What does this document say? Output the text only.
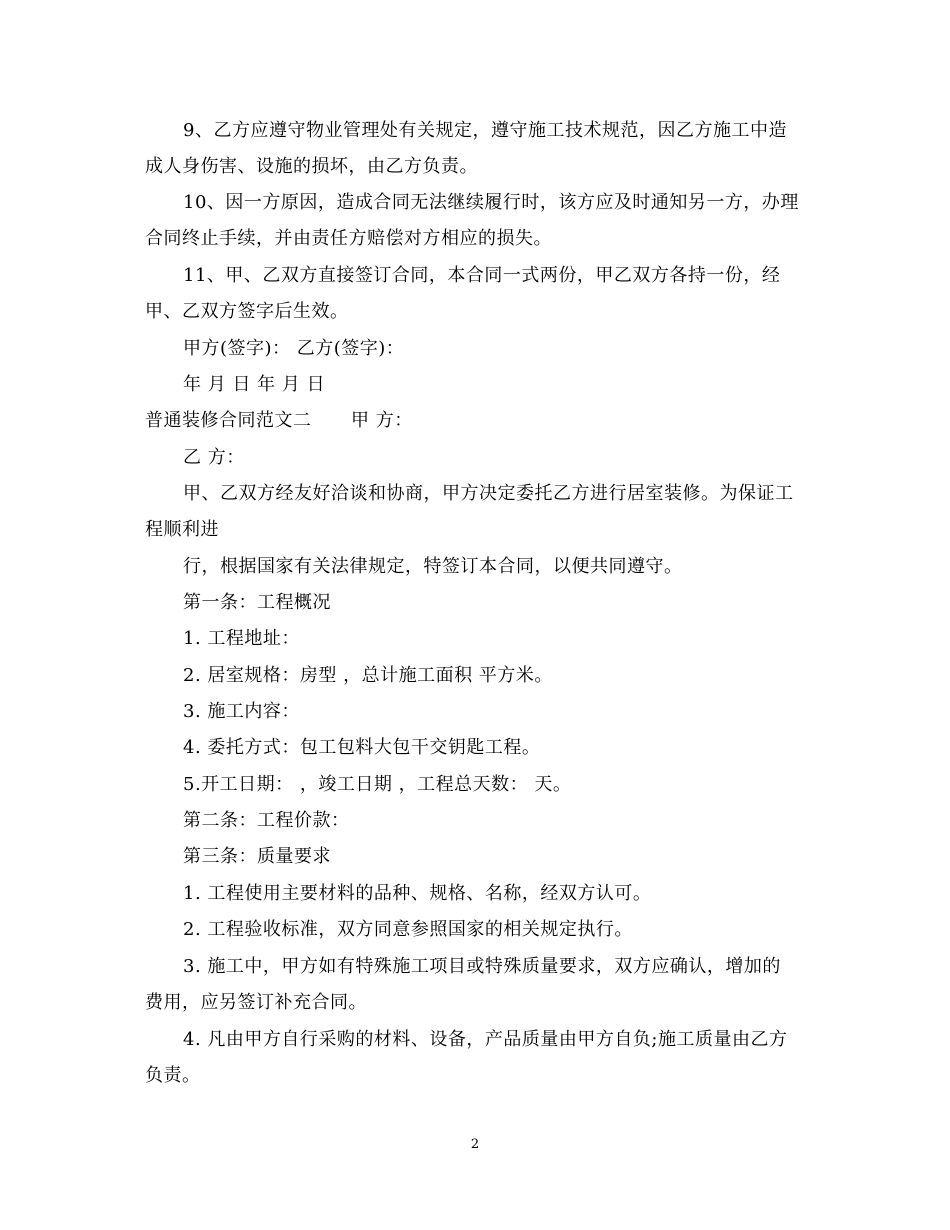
9、乙方应遵守物业管理处有关规定，遵守施工技术规范，因乙方施工中造
成人身伤害、设施的损坏，由乙方负责。
10、因一方原因，造成合同无法继续履行时，该方应及时通知另一方，办理
合同终止手续，并由责任方赔偿对方相应的损失。
11、甲、乙双方直接签订合同，本合同一式两份，甲乙双方各持一份，经
甲、乙双方签字后生效。
甲方(签字)： 乙方(签字)：
年 月 日 年 月 日
普通装修合同范文二 甲 方：
乙 方：
甲、乙双方经友好洽谈和协商，甲方决定委托乙方进行居室装修。为保证工
程顺利进
行，根据国家有关法律规定，特签订本合同，以便共同遵守。
第一条：工程概况
1. 工程地址：
2. 居室规格：房型 ，总计施工面积 平方米。
3. 施工内容：
4. 委托方式：包工包料大包干交钥匙工程。
5.开工日期： ，竣工日期 ，工程总天数： 天。
第二条：工程价款：
第三条：质量要求
1. 工程使用主要材料的品种、规格、名称，经双方认可。
2. 工程验收标准，双方同意参照国家的相关规定执行。
3. 施工中，甲方如有特殊施工项目或特殊质量要求，双方应确认，增加的
费用，应另签订补充合同。
4. 凡由甲方自行采购的材料、设备，产品质量由甲方自负;施工质量由乙方
负责。
2
